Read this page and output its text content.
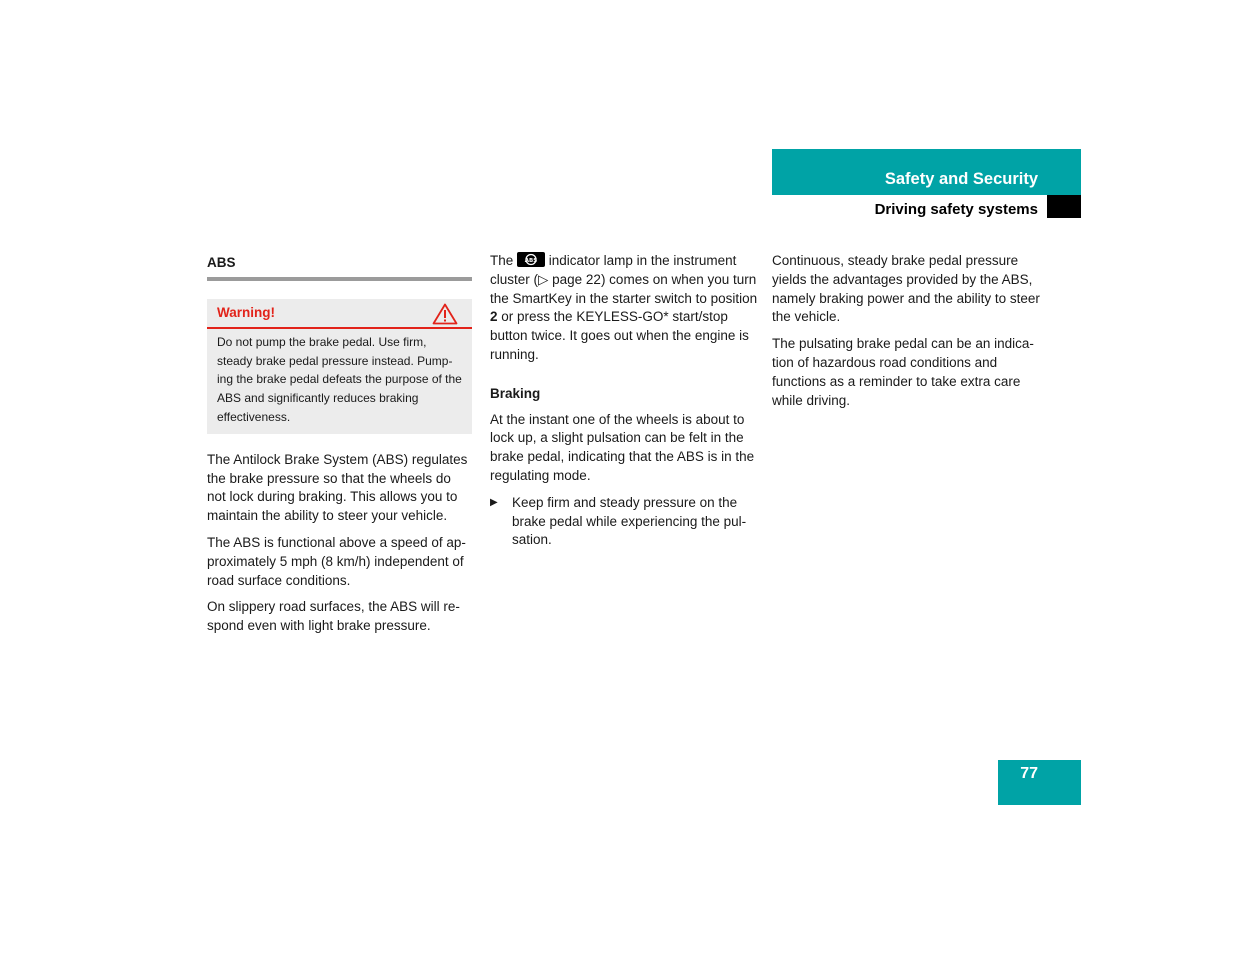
Safety and Security
Driving safety systems
ABS
Warning!
Do not pump the brake pedal. Use firm, steady brake pedal pressure instead. Pump-ing the brake pedal defeats the purpose of the ABS and significantly reduces braking effectiveness.

The Antilock Brake System (ABS) regulates the brake pressure so that the wheels do not lock during braking. This allows you to maintain the ability to steer your vehicle.

The ABS is functional above a speed of ap-proximately 5 mph (8 km/h) independent of road surface conditions.

On slippery road surfaces, the ABS will re-spond even with light brake pressure.

The ABS indicator lamp in the instrument cluster (▷ page 22) comes on when you turn the SmartKey in the starter switch to position 2 or press the KEYLESS-GO* start/stop button twice. It goes out when the engine is running.

Braking

At the instant one of the wheels is about to lock up, a slight pulsation can be felt in the brake pedal, indicating that the ABS is in the regulating mode.

▶	Keep firm and steady pressure on the brake pedal while experiencing the pul-sation.

Continuous, steady brake pedal pressure yields the advantages provided by the ABS, namely braking power and the ability to steer the vehicle.

The pulsating brake pedal can be an indica-tion of hazardous road conditions and functions as a reminder to take extra care while driving.

77
